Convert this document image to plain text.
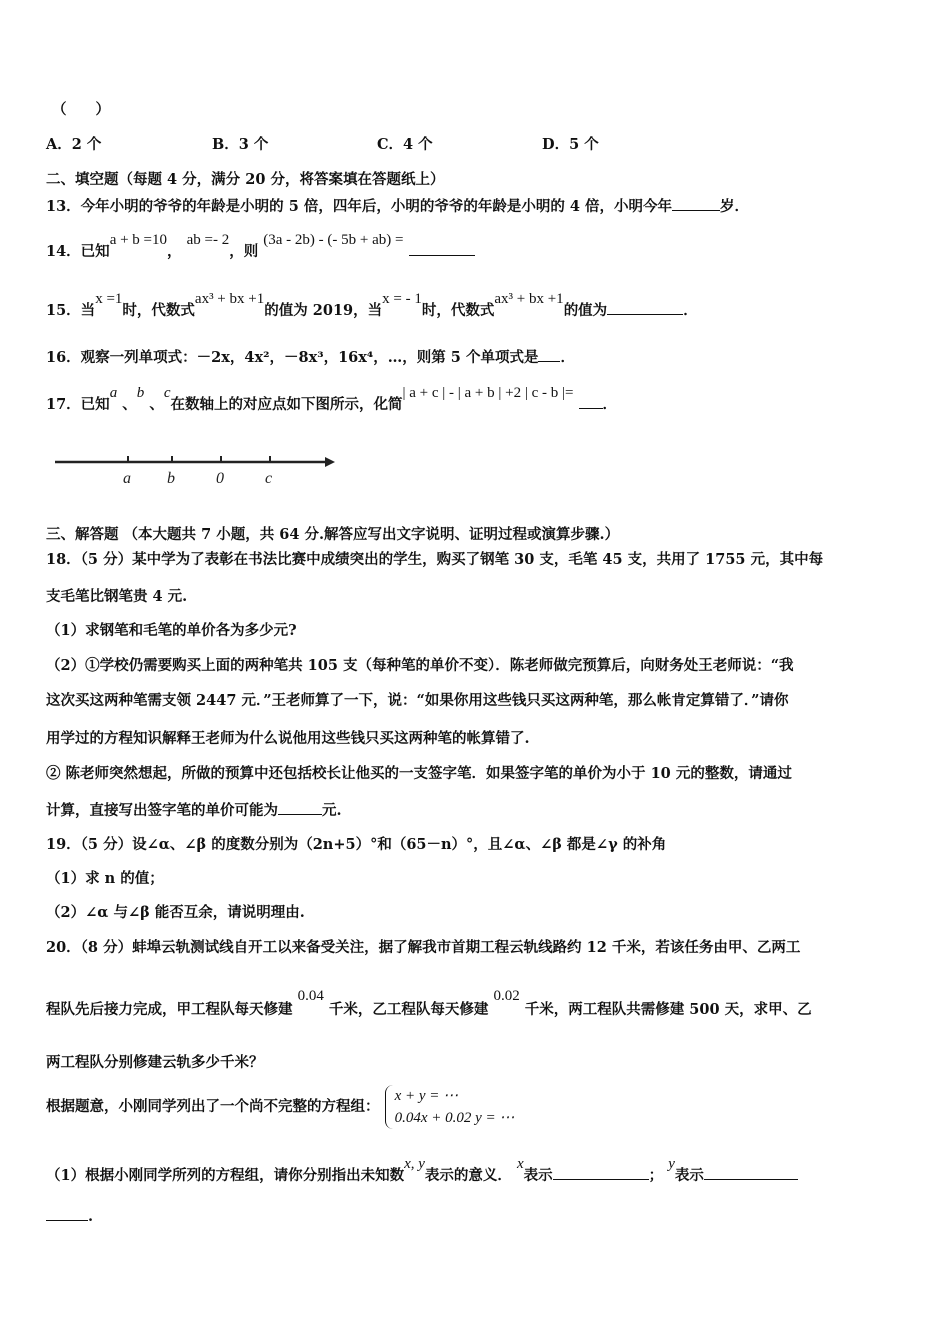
（　　）
A．2 个	B．3 个	C．4 个	D．5 个
二、填空题（每题 4 分，满分 20 分，将答案填在答题纸上）
13．今年小明的爷爷的年龄是小明的 5 倍，四年后，小明的爷爷的年龄是小明的 4 倍，小明今年	岁．
14．已知a + b =10， ab =- 2，则 (3a - 2b) - (- 5b + ab) =
15．当x =1时，代数式ax³ + bx +1的值为 2019，当x = - 1时，代数式ax³ + bx +1的值为	．
16．观察一列单项式：－2x，4x²，－8x³，16x⁴，…，则第 5 个单项式是 ．
17．已知a 、b 、c在数轴上的对应点如下图所示，化简| a + c | - | a + b | +2 | c - b |= ．
a b	0	c
三、解答题 （本大题共 7 小题，共 64 分.解答应写出文字说明、证明过程或演算步骤.）
18．（5 分）某中学为了表彰在书法比赛中成绩突出的学生，购买了钢笔 30 支，毛笔 45 支，共用了 1755 元，其中每
支毛笔比钢笔贵 4 元.
（1）求钢笔和毛笔的单价各为多少元?
（2）①学校仍需要购买上面的两种笔共 105 支（每种笔的单价不变）．陈老师做完预算后，向财务处王老师说：“我
这次买这两种笔需支领 2447 元．”王老师算了一下，说：“如果你用这些钱只买这两种笔，那么帐肯定算错了．”请你
用学过的方程知识解释王老师为什么说他用这些钱只买这两种笔的帐算错了.
② 陈老师突然想起，所做的预算中还包括校长让他买的一支签字笔．如果签字笔的单价为小于 10 元的整数，请通过
计算，直接写出签字笔的单价可能为	元.
19．（5 分）设∠α、∠β 的度数分别为（2n+5）°和（65－n）°，且∠α、∠β 都是∠γ 的补角
（1）求 n 的值；
（2）∠α 与∠β 能否互余，请说明理由.
20．（8 分）蚌埠云轨测试线自开工以来备受关注，据了解我市首期工程云轨线路约 12 千米，若该任务由甲、乙两工
程队先后接力完成，甲工程队每天修建 0.04 千米，乙工程队每天修建 0.02 千米，两工程队共需修建 500 天，求甲、乙
两工程队分别修建云轨多少千米？
根据题意，小刚同学列出了一个尚不完整的方程组：
x + y = ⋯
0.04x + 0.02 y = ⋯
（1）根据小刚同学所列的方程组，请你分别指出未知数x, y表示的意义． x表示	； y表示
.
